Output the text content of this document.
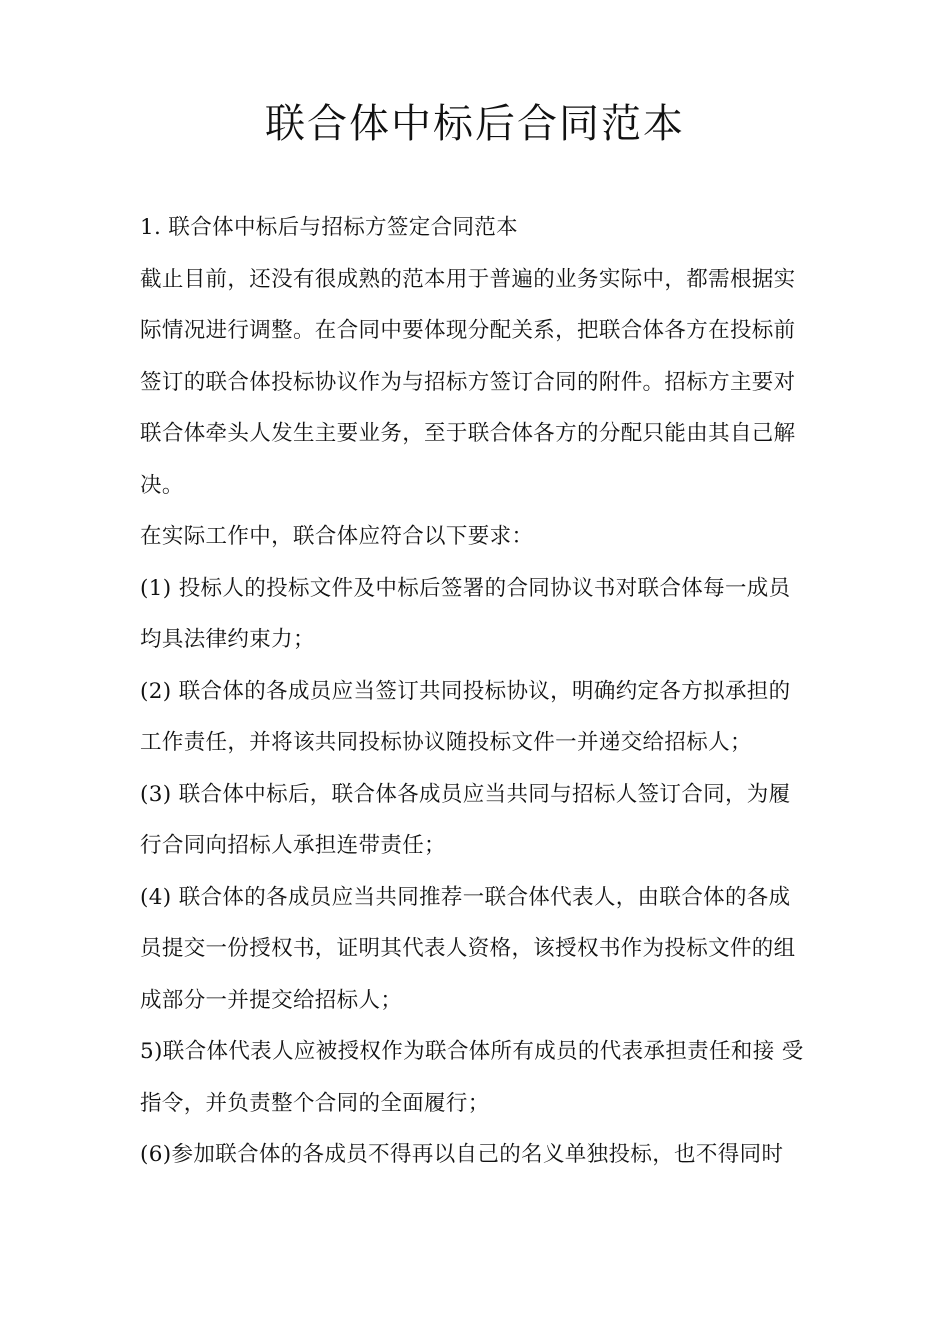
联合体中标后合同范本
1. 联合体中标后与招标方签定合同范本
截止目前，还没有很成熟的范本用于普遍的业务实际中，都需根据实
际情况进行调整。在合同中要体现分配关系，把联合体各方在投标前
签订的联合体投标协议作为与招标方签订合同的附件。招标方主要对
联合体牵头人发生主要业务，至于联合体各方的分配只能由其自己解
决。
在实际工作中，联合体应符合以下要求：
(1) 投标人的投标文件及中标后签署的合同协议书对联合体每一成员
均具法律约束力；
(2) 联合体的各成员应当签订共同投标协议，明确约定各方拟承担的
工作责任，并将该共同投标协议随投标文件一并递交给招标人；
(3) 联合体中标后，联合体各成员应当共同与招标人签订合同，为履
行合同向招标人承担连带责任；
(4) 联合体的各成员应当共同推荐一联合体代表人，由联合体的各成
员提交一份授权书，证明其代表人资格，该授权书作为投标文件的组
成部分一并提交给招标人；
5)联合体代表人应被授权作为联合体所有成员的代表承担责任和接 受
指令，并负责整个合同的全面履行；
(6)参加联合体的各成员不得再以自己的名义单独投标，也不得同时
